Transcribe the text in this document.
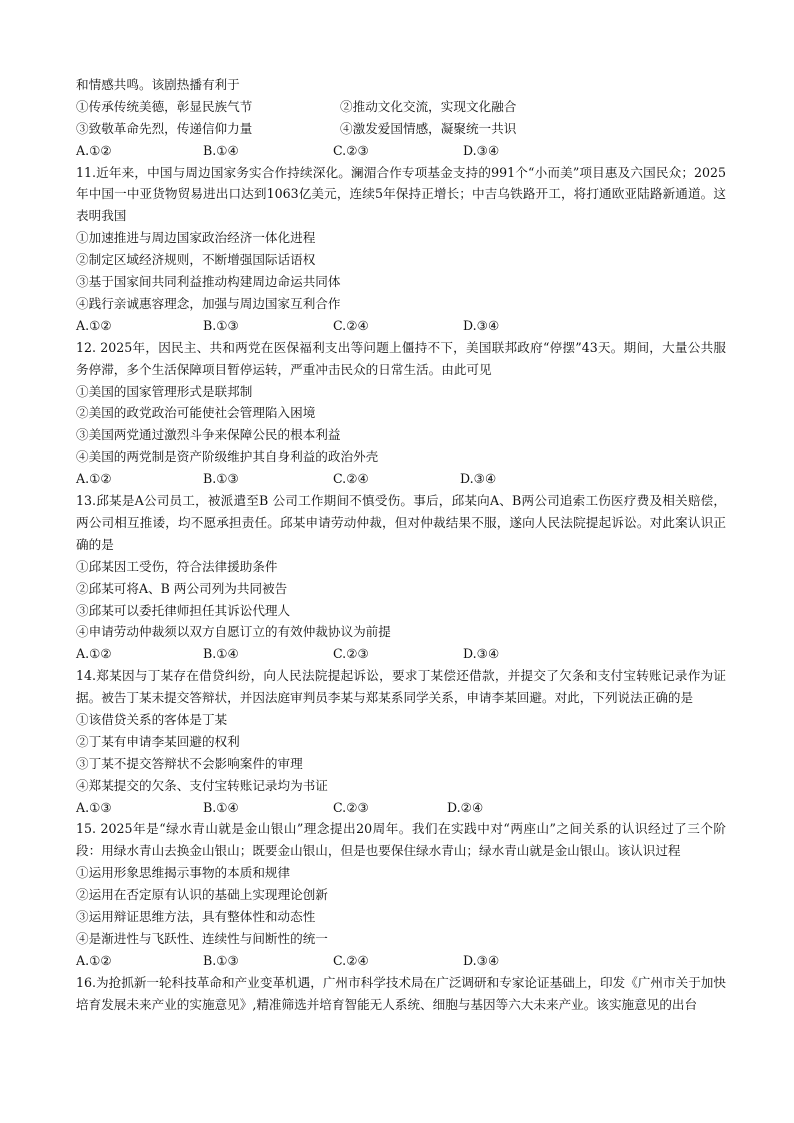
和情感共鸣。该剧热播有利于
①传承传统美德，彰显民族气节	②推动文化交流，实现文化融合
③致敬革命先烈，传递信仰力量	④激发爱国情感，凝聚统一共识
A.①②	B.①④	C.②③	D.③④
11.近年来，中国与周边国家务实合作持续深化。澜湄合作专项基金支持的991个“小而美”项目惠及六国民众；2025年中国一中亚货物贸易进出口达到1063亿美元，连续5年保持正增长；中吉乌铁路开工，将打通欧亚陆路新通道。这表明我国
①加速推进与周边国家政治经济一体化进程
②制定区域经济规则，不断增强国际话语权
③基于国家间共同利益推动构建周边命运共同体
④践行亲诚惠容理念，加强与周边国家互利合作
A.①②	B.①③	C.②④	D.③④
12. 2025年，因民主、共和两党在医保福利支出等问题上僵持不下，美国联邦政府“停摆”43天。期间，大量公共服务停滞，多个生活保障项目暂停运转，严重冲击民众的日常生活。由此可见
①美国的国家管理形式是联邦制
②美国的政党政治可能使社会管理陷入困境
③美国两党通过激烈斗争来保障公民的根本利益
④美国的两党制是资产阶级维护其自身利益的政治外壳
A.①②	B.①③	C.②④	D.③④
13.邱某是A公司员工，被派遣至B 公司工作期间不慎受伤。事后，邱某向A、B两公司追索工伤医疗费及相关赔偿，两公司相互推诿，均不愿承担责任。邱某申请劳动仲裁，但对仲裁结果不服，遂向人民法院提起诉讼。对此案认识正确的是
①邱某因工受伤，符合法律援助条件
②邱某可将A、B 两公司列为共同被告
③邱某可以委托律师担任其诉讼代理人
④申请劳动仲裁须以双方自愿订立的有效仲裁协议为前提
A.①②	B.①④	C.②③	D.③④
14.郑某因与丁某存在借贷纠纷，向人民法院提起诉讼，要求丁某偿还借款，并提交了欠条和支付宝转账记录作为证据。被告丁某未提交答辩状，并因法庭审判员李某与郑某系同学关系，申请李某回避。对此，下列说法正确的是
①该借贷关系的客体是丁某
②丁某有申请李某回避的权利
③丁某不提交答辩状不会影响案件的审理
④郑某提交的欠条、支付宝转账记录均为书证
A.①③	B.①④	C.②③	D.②④
15. 2025年是“绿水青山就是金山银山”理念提出20周年。我们在实践中对“两座山”之间关系的认识经过了三个阶段：用绿水青山去换金山银山；既要金山银山，但是也要保住绿水青山；绿水青山就是金山银山。该认识过程
①运用形象思维揭示事物的本质和规律
②运用在否定原有认识的基础上实现理论创新
③运用辩证思维方法，具有整体性和动态性
④是渐进性与飞跃性、连续性与间断性的统一
A.①②	B.①③	C.②④	D.③④
16.为抢抓新一轮科技革命和产业变革机遇，广州市科学技术局在广泛调研和专家论证基础上，印发《广州市关于加快培育发展未来产业的实施意见》,精准筛选并培育智能无人系统、细胞与基因等六大未来产业。该实施意见的出台
